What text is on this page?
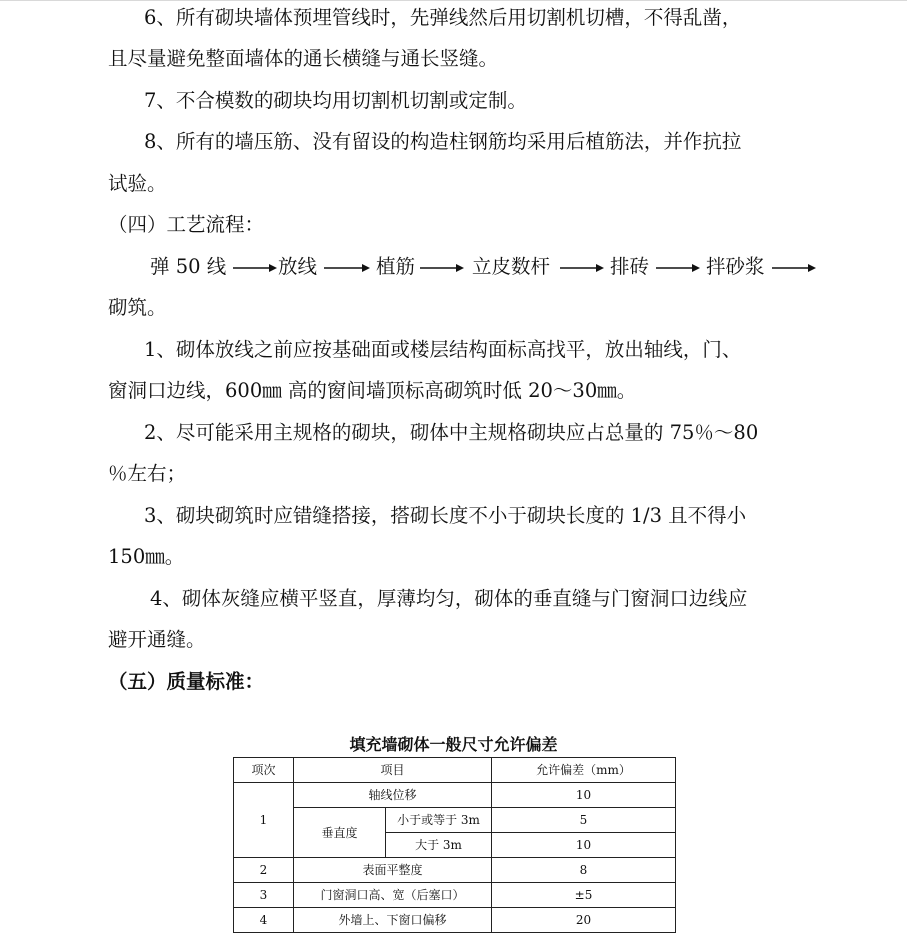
6、所有砌块墙体预埋管线时，先弹线然后用切割机切槽，不得乱凿，
且尽量避免整面墙体的通长横缝与通长竖缝。
7、不合模数的砌块均用切割机切割或定制。
8、所有的墙压筋、没有留设的构造柱钢筋均采用后植筋法，并作抗拉
试验。
（四）工艺流程：
弹 50 线	放线	植筋	立皮数杆	排砖	拌砂浆
砌筑。
1、砌体放线之前应按基础面或楼层结构面标高找平，放出轴线，门、
窗洞口边线，600㎜ 高的窗间墙顶标高砌筑时低 20～30㎜。
2、尽可能采用主规格的砌块，砌体中主规格砌块应占总量的 75％～80
％左右；
3、砌块砌筑时应错缝搭接，搭砌长度不小于砌块长度的 1/3 且不得小
150㎜。
4、砌体灰缝应横平竖直，厚薄均匀，砌体的垂直缝与门窗洞口边线应
避开通缝。
（五）质量标准：
填充墙砌体一般尺寸允许偏差
项次	项目		允许偏差（mm）
1	轴线位移		10
	垂直度	小于或等于 3m	5
		大于 3m	10
2	表面平整度		8
3	门窗洞口高、宽（后塞口）		±5
4	外墙上、下窗口偏移		20
